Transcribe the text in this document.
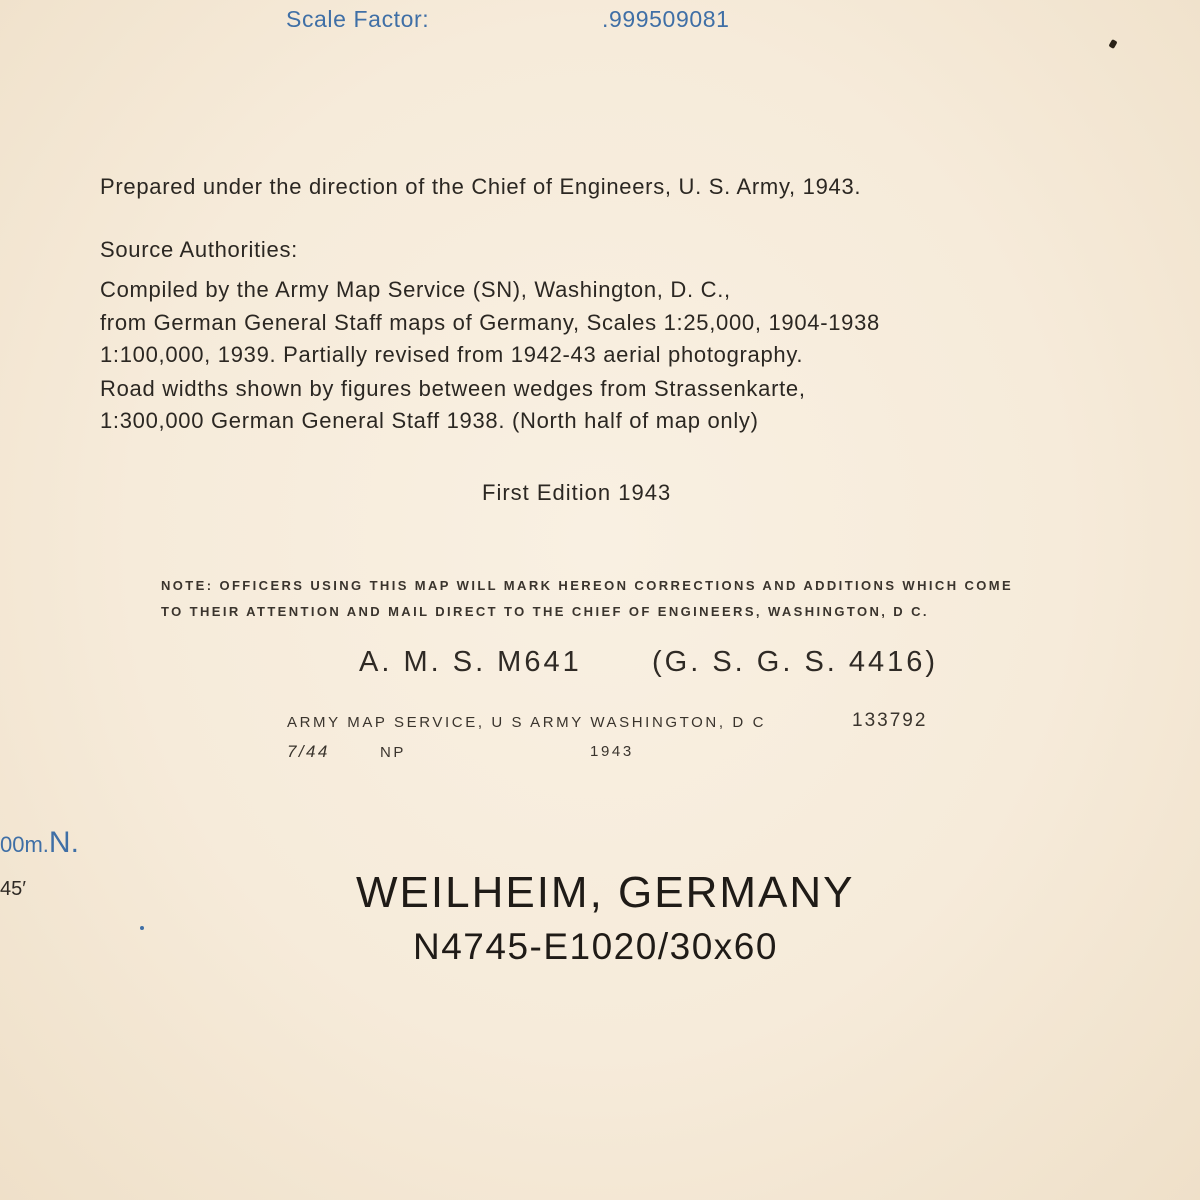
Scale Factor:	.999509081
Prepared under the direction of the Chief of Engineers, U. S. Army, 1943.
Source Authorities:
Compiled by the Army Map Service (SN), Washington, D. C.,
from German General Staff maps of Germany, Scales 1:25,000, 1904-1938
1:100,000, 1939. Partially revised from 1942-43 aerial photography.
Road widths shown by figures between wedges from Strassenkarte,
1:300,000 German General Staff 1938. (North half of map only)
First Edition 1943
NOTE: OFFICERS USING THIS MAP WILL MARK HEREON CORRECTIONS AND ADDITIONS WHICH COME
TO THEIR ATTENTION AND MAIL DIRECT TO THE CHIEF OF ENGINEERS, WASHINGTON, D C.
A. M. S. M641 (G. S. G. S. 4416)
ARMY MAP SERVICE, U S ARMY WASHINGTON, D C	133792
7/44	NP	1943
00m.N.
45′	WEILHEIM, GERMANY
N4745-E1020/30x60
